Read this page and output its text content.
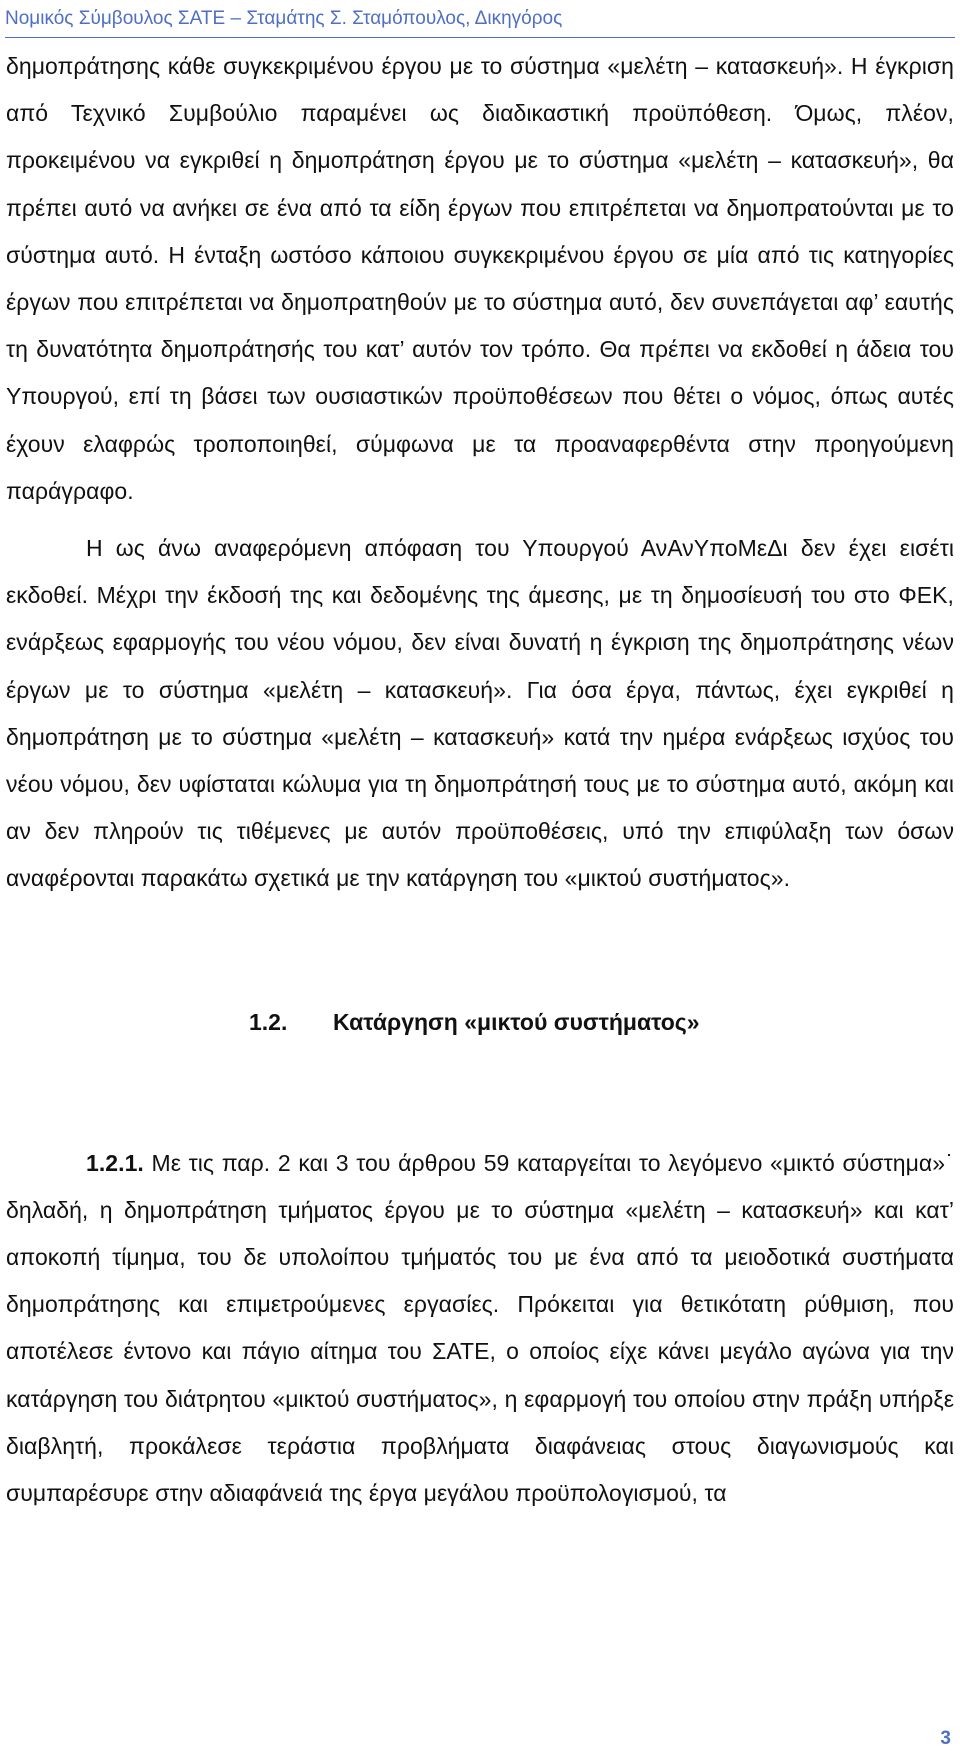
Νομικός Σύμβουλος ΣΑΤΕ – Σταμάτης Σ. Σταμόπουλος, Δικηγόρος

δημοπράτησης κάθε συγκεκριμένου έργου με το σύστημα «μελέτη – κατασκευή». Η έγκριση από Τεχνικό Συμβούλιο παραμένει ως διαδικαστική προϋπόθεση. Όμως, πλέον, προκειμένου να εγκριθεί η δημοπράτηση έργου με το σύστημα «μελέτη – κατασκευή», θα πρέπει αυτό να ανήκει σε ένα από τα είδη έργων που επιτρέπεται να δημοπρατούνται με το σύστημα αυτό. Η ένταξη ωστόσο κάποιου συγκεκριμένου έργου σε μία από τις κατηγορίες έργων που επιτρέπεται να δημοπρατηθούν με το σύστημα αυτό, δεν συνεπάγεται αφ’ εαυτής τη δυνατότητα δημοπράτησής του κατ’ αυτόν τον τρόπο. Θα πρέπει να εκδοθεί η άδεια του Υπουργού, επί τη βάσει των ουσιαστικών προϋποθέσεων που θέτει ο νόμος, όπως αυτές έχουν ελαφρώς τροποποιηθεί, σύμφωνα με τα προαναφερθέντα στην προηγούμενη παράγραφο.

Η ως άνω αναφερόμενη απόφαση του Υπουργού ΑνΑνΥποΜεΔι δεν έχει εισέτι εκδοθεί. Μέχρι την έκδοσή της και δεδομένης της άμεσης, με τη δημοσίευσή του στο ΦΕΚ, ενάρξεως εφαρμογής του νέου νόμου, δεν είναι δυνατή η έγκριση της δημοπράτησης νέων έργων με το σύστημα «μελέτη – κατασκευή». Για όσα έργα, πάντως, έχει εγκριθεί η δημοπράτηση με το σύστημα «μελέτη – κατασκευή» κατά την ημέρα ενάρξεως ισχύος του νέου νόμου, δεν υφίσταται κώλυμα για τη δημοπράτησή τους με το σύστημα αυτό, ακόμη και αν δεν πληρούν τις τιθέμενες με αυτόν προϋποθέσεις, υπό την επιφύλαξη των όσων αναφέρονται παρακάτω σχετικά με την κατάργηση του «μικτού συστήματος».

1.2. Κατάργηση «μικτού συστήματος»

1.2.1. Με τις παρ. 2 και 3 του άρθρου 59 καταργείται το λεγόμενο «μικτό σύστημα»˙ δηλαδή, η δημοπράτηση τμήματος έργου με το σύστημα «μελέτη – κατασκευή» και κατ’ αποκοπή τίμημα, του δε υπολοίπου τμήματός του με ένα από τα μειοδοτικά συστήματα δημοπράτησης και επιμετρούμενες εργασίες. Πρόκειται για θετικότατη ρύθμιση, που αποτέλεσε έντονο και πάγιο αίτημα του ΣΑΤΕ, ο οποίος είχε κάνει μεγάλο αγώνα για την κατάργηση του διάτρητου «μικτού συστήματος», η εφαρμογή του οποίου στην πράξη υπήρξε διαβλητή, προκάλεσε τεράστια προβλήματα διαφάνειας στους διαγωνισμούς και συμπαρέσυρε στην αδιαφάνειά της έργα μεγάλου προϋπολογισμού, τα

3
